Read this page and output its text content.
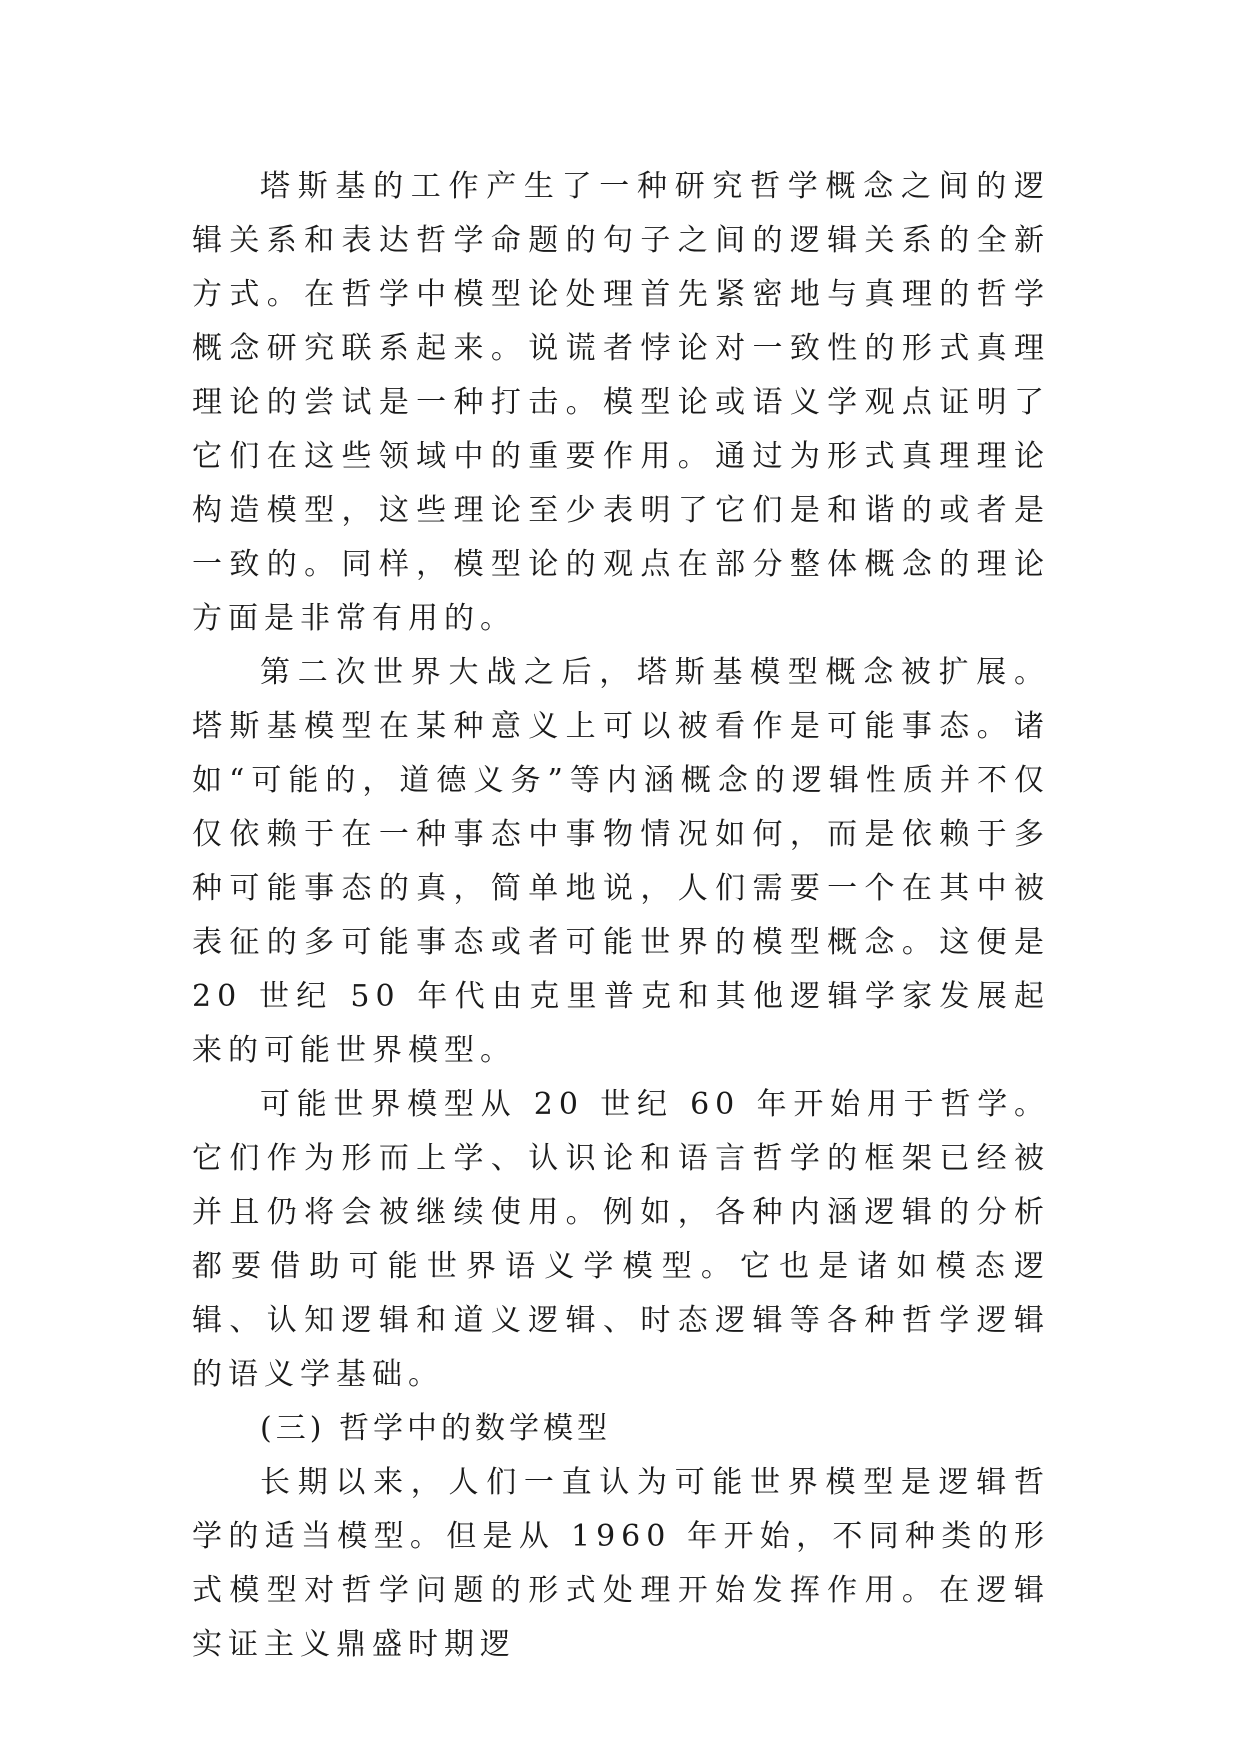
塔斯基的工作产生了一种研究哲学概念之间的逻辑关系和表达哲学命题的句子之间的逻辑关系的全新方式。在哲学中模型论处理首先紧密地与真理的哲学概念研究联系起来。说谎者悖论对一致性的形式真理理论的尝试是一种打击。模型论或语义学观点证明了它们在这些领域中的重要作用。通过为形式真理理论构造模型，这些理论至少表明了它们是和谐的或者是一致的。同样，模型论的观点在部分整体概念的理论方面是非常有用的。

第二次世界大战之后，塔斯基模型概念被扩展。塔斯基模型在某种意义上可以被看作是可能事态。诸如“可能的，道德义务”等内涵概念的逻辑性质并不仅仅依赖于在一种事态中事物情况如何，而是依赖于多种可能事态的真，简单地说，人们需要一个在其中被表征的多可能事态或者可能世界的模型概念。这便是 20 世纪 50 年代由克里普克和其他逻辑学家发展起来的可能世界模型。

可能世界模型从 20 世纪 60 年开始用于哲学。它们作为形而上学、认识论和语言哲学的框架已经被并且仍将会被继续使用。例如，各种内涵逻辑的分析都要借助可能世界语义学模型。它也是诸如模态逻辑、认知逻辑和道义逻辑、时态逻辑等各种哲学逻辑的语义学基础。

(三) 哲学中的数学模型

长期以来，人们一直认为可能世界模型是逻辑哲学的适当模型。但是从 1960 年开始，不同种类的形式模型对哲学问题的形式处理开始发挥作用。在逻辑实证主义鼎盛时期逻
